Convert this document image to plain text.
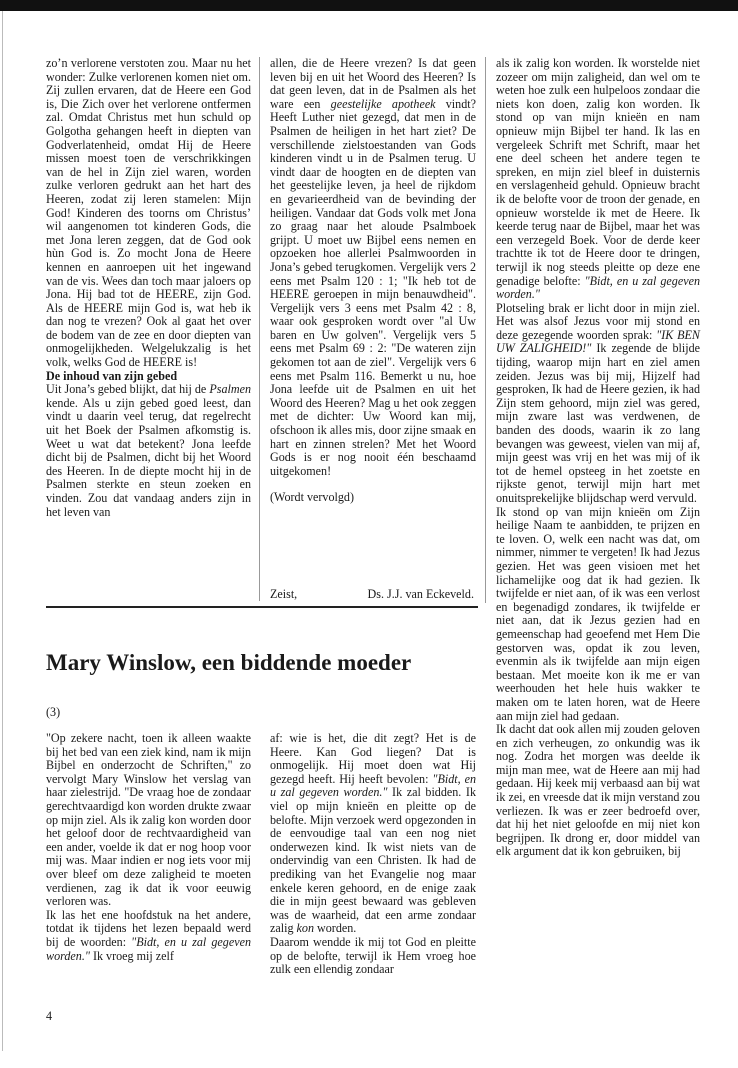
zo’n verlorene verstoten zou. Maar nu het wonder: Zulke verlorenen komen niet om. Zij zullen ervaren, dat de Heere een God is, Die Zich over het verlorene ontfermen zal. Omdat Christus met hun schuld op Golgotha gehangen heeft in diepten van Godverlatenheid, omdat Hij de Heere missen moest toen de verschrikkingen van de hel in Zijn ziel waren, worden zulke verloren gedrukt aan het hart des Heeren, zodat zij leren stamelen: Mijn God! Kinderen des toorns om Christus’ wil aangenomen tot kinderen Gods, die met Jona leren zeggen, dat de God ook hùn God is. Zo mocht Jona de Heere kennen en aanroepen uit het ingewand van de vis. Wees dan toch maar jaloers op Jona. Hij bad tot de HEERE, zijn God. Als de HEERE mijn God is, wat heb ik dan nog te vrezen? Ook al gaat het over de bodem van de zee en door diepten van onmogelijkheden. Welgelukzalig is het volk, welks God de HEERE is!

De inhoud van zijn gebed

Uit Jona’s gebed blijkt, dat hij de Psalmen kende. Als u zijn gebed goed leest, dan vindt u daarin veel terug, dat regelrecht uit het Boek der Psalmen afkomstig is. Weet u wat dat betekent? Jona leefde dicht bij de Psalmen, dicht bij het Woord des Heeren. In de diepte mocht hij in de Psalmen sterkte en steun zoeken en vinden. Zou dat vandaag anders zijn in het leven van

allen, die de Heere vrezen? Is dat geen leven bij en uit het Woord des Heeren? Is dat geen leven, dat in de Psalmen als het ware een geestelijke apotheek vindt? Heeft Luther niet gezegd, dat men in de Psalmen de heiligen in het hart ziet? De verschillende zielstoestanden van Gods kinderen vindt u in de Psalmen terug. U vindt daar de hoogten en de diepten van het geestelijke leven, ja heel de rijkdom en gevarieerdheid van de bevinding der heiligen. Vandaar dat Gods volk met Jona zo graag naar het aloude Psalmboek grijpt. U moet uw Bijbel eens nemen en opzoeken hoe allerlei Psalmwoorden in Jona’s gebed terugkomen. Vergelijk vers 2 eens met Psalm 120 : 1; "Ik heb tot de HEERE geroepen in mijn benauwdheid". Vergelijk vers 3 eens met Psalm 42 : 8, waar ook gesproken wordt over "al Uw baren en Uw golven". Vergelijk vers 5 eens met Psalm 69 : 2: "De wateren zijn gekomen tot aan de ziel". Vergelijk vers 6 eens met Psalm 116. Bemerkt u nu, hoe Jona leefde uit de Psalmen en uit het Woord des Heeren? Mag u het ook zeggen met de dichter: Uw Woord kan mij, ofschoon ik alles mis, door zijne smaak en hart en zinnen strelen? Met het Woord Gods is er nog nooit één beschaamd uitgekomen!

(Wordt vervolgd)

Zeist,	Ds. J.J. van Eckeveld.

als ik zalig kon worden. Ik worstelde niet zozeer om mijn zaligheid, dan wel om te weten hoe zulk een hulpeloos zondaar die niets kon doen, zalig kon worden. Ik stond op van mijn knieën en nam opnieuw mijn Bijbel ter hand. Ik las en vergeleek Schrift met Schrift, maar het ene deel scheen het andere tegen te spreken, en mijn ziel bleef in duisternis en verslagenheid gehuld. Opnieuw bracht ik de belofte voor de troon der genade, en opnieuw worstelde ik met de Heere. Ik keerde terug naar de Bijbel, maar het was een verzegeld Boek. Voor de derde keer trachtte ik tot de Heere door te dringen, terwijl ik nog steeds pleitte op deze ene genadige belofte: "Bidt, en u zal gegeven worden."

Plotseling brak er licht door in mijn ziel. Het was alsof Jezus voor mij stond en deze gezegende woorden sprak: "IK BEN UW ZALIGHEID!" Ik zegende de blijde tijding, waarop mijn hart en ziel amen zeiden. Jezus was bij mij, Hijzelf had gesproken, Ik had de Heere gezien, ik had Zijn stem gehoord, mijn ziel was gered, mijn zware last was verdwenen, de banden des doods, waarin ik zo lang bevangen was geweest, vielen van mij af, mijn geest was vrij en het was mij of ik tot de hemel opsteeg in het zoetste en rijkste genot, terwijl mijn hart met onuitsprekelijke blijdschap werd vervuld.

Ik stond op van mijn knieën om Zijn heilige Naam te aanbidden, te prijzen en te loven. O, welk een nacht was dat, om nimmer, nimmer te vergeten! Ik had Jezus gezien. Het was geen visioen met het lichamelijke oog dat ik had gezien. Ik twijfelde er niet aan, of ik was een verlost en begenadigd zondares, ik twijfelde er niet aan, dat ik Jezus gezien had en gemeenschap had geoefend met Hem Die gestorven was, opdat ik zou leven, evenmin als ik twijfelde aan mijn eigen bestaan. Met moeite kon ik me er van weerhouden het hele huis wakker te maken om te laten horen, wat de Heere aan mijn ziel had gedaan.

Ik dacht dat ook allen mij zouden geloven en zich verheugen, zo onkundig was ik nog. Zodra het morgen was deelde ik mijn man mee, wat de Heere aan mij had gedaan. Hij keek mij verbaasd aan bij wat ik zei, en vreesde dat ik mijn verstand zou verliezen. Ik was er zeer bedroefd over, dat hij het niet geloofde en mij niet kon begrijpen. Ik drong er, door middel van elk argument dat ik kon gebruiken, bij

Mary Winslow, een biddende moeder
(3)

"Op zekere nacht, toen ik alleen waakte bij het bed van een ziek kind, nam ik mijn Bijbel en onderzocht de Schriften," zo vervolgt Mary Winslow het verslag van haar zielestrijd. "De vraag hoe de zondaar gerechtvaardigd kon worden drukte zwaar op mijn ziel. Als ik zalig kon worden door het geloof door de rechtvaardigheid van een ander, voelde ik dat er nog hoop voor mij was. Maar indien er nog iets voor mij over bleef om deze zaligheid te moeten verdienen, zag ik dat ik voor eeuwig verloren was.

Ik las het ene hoofdstuk na het andere, totdat ik tijdens het lezen bepaald werd bij de woorden: "Bidt, en u zal gegeven worden." Ik vroeg mij zelf

af: wie is het, die dit zegt? Het is de Heere. Kan God liegen? Dat is onmogelijk. Hij moet doen wat Hij gezegd heeft. Hij heeft bevolen: "Bidt, en u zal gegeven worden." Ik zal bidden. Ik viel op mijn knieën en pleitte op de belofte. Mijn verzoek werd opgezonden in de eenvoudige taal van een nog niet onderwezen kind. Ik wist niets van de ondervindig van een Christen. Ik had de prediking van het Evangelie nog maar enkele keren gehoord, en de enige zaak die in mijn geest bewaard was gebleven was de waarheid, dat een arme zondaar zalig kon worden.

Daarom wendde ik mij tot God en pleitte op de belofte, terwijl ik Hem vroeg hoe zulk een ellendig zondaar

4
